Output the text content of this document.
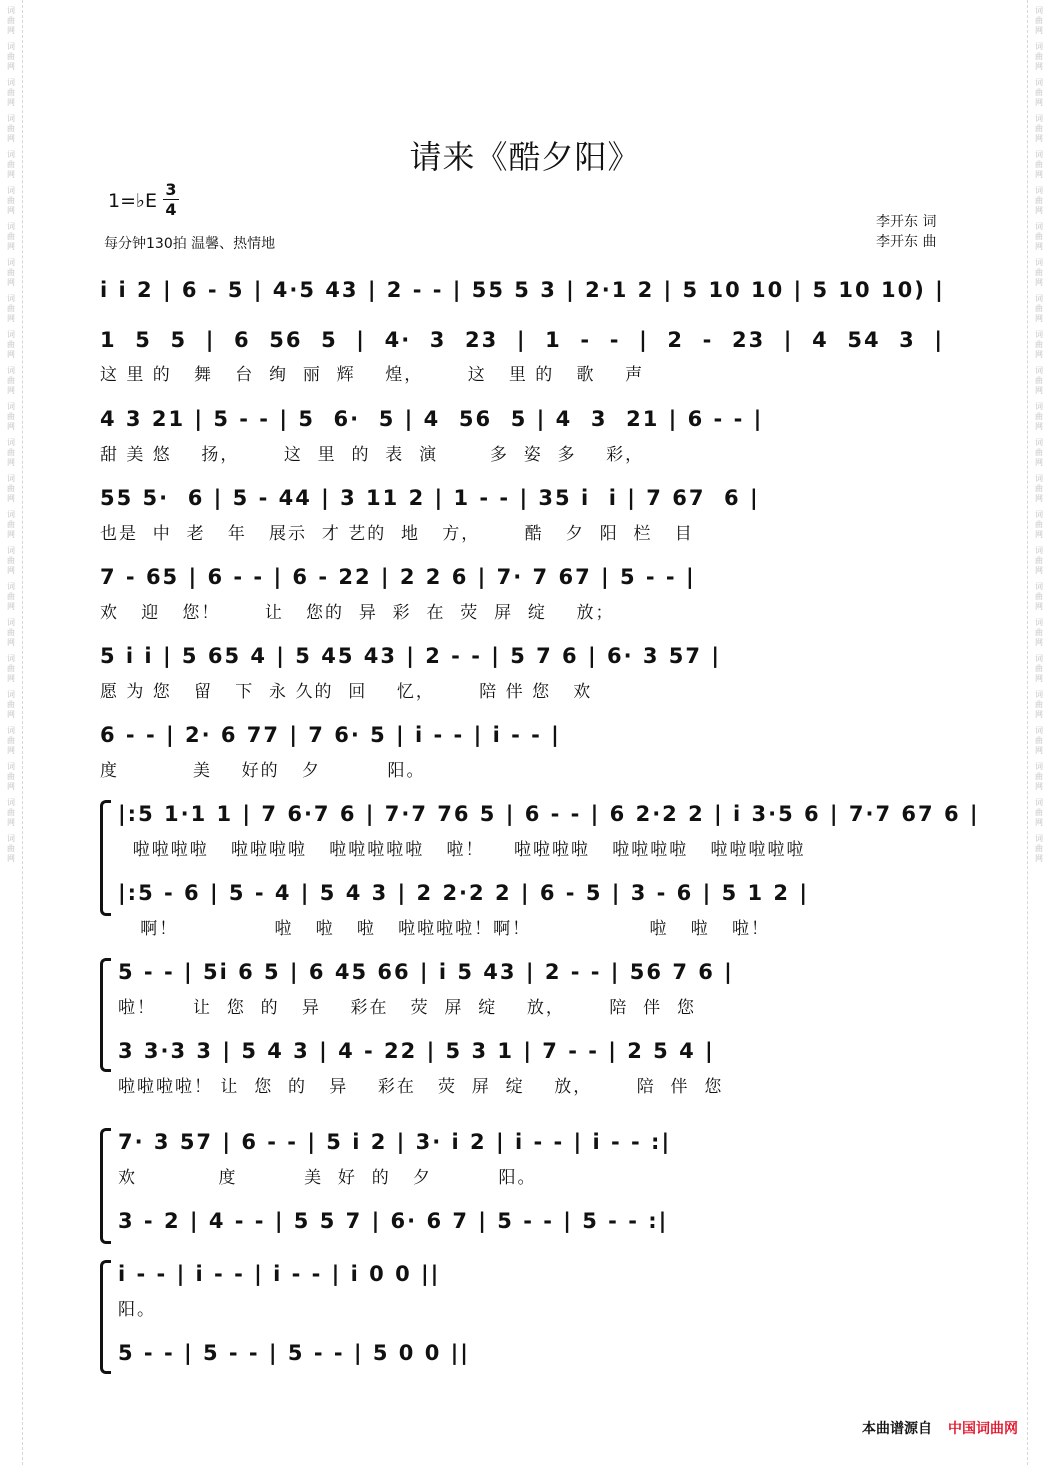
词
曲
网
词
曲
网
词
曲
网
词
曲
网
词
曲
网
词
曲
网
词
曲
网
词
曲
网
词
曲
网
词
曲
网
词
曲
网
词
曲
网
词
曲
网
词
曲
网
词
曲
网
词
曲
网
词
曲
网
词
曲
网
词
曲
网
词
曲
网
词
曲
网
词
曲
网
词
曲
网
词
曲
网
词
曲
网
词
曲
网
词
曲
网
词
曲
网
词
曲
网
词
曲
网
词
曲
网
词
曲
网
词
曲
网
词
曲
网
词
曲
网
词
曲
网
词
曲
网
词
曲
网
词
曲
网
词
曲
网
词
曲
网
词
曲
网
词
曲
网
词
曲
网
词
曲
网
词
曲
网
词
曲
网
词
曲
网
请来《酷夕阳》
1=♭E
3
4
每分钟130拍 温馨、热情地
李开东 词
李开东 曲
i i 2 | 6 - 5 | 4·5 43 | 2 - - | 55 5 3 | 2·1 2 | 5 10 10 | 5 10 10) |
1  5  5  |  6  56  5  |  4·  3  23  |  1  -  -  |  2  -  23  |  4  54  3  |
这 里 的   舞   台  绚  丽  辉    煌，      这   里 的   歌    声
4 3 21 | 5 - - | 5  6·  5 | 4  56  5 | 4  3  21 | 6 - - |
甜 美 悠    扬，      这  里  的  表  演       多  姿  多    彩，
55 5·  6 | 5 - 44 | 3 11 2 | 1 - - | 35 i  i | 7 67  6 |
也是  中  老   年   展示  才 艺的  地   方，      酷   夕  阳  栏   目
7 - 65 | 6 - - | 6 - 22 | 2 2 6 | 7· 7 67 | 5 - - |
欢   迎   您！      让   您的  异  彩  在  荧  屏  绽    放；
5 i i | 5 65 4 | 5 45 43 | 2 - - | 5 7 6 | 6· 3 57 |
愿 为 您   留   下  永 久的  回    忆，      陪 伴 您   欢
6 - - | 2· 6 77 | 7 6· 5 | i - - | i - - |
度          美    好的   夕         阳。
|:5 1·1 1 | 7 6·7 6 | 7·7 76 5 | 6 - - | 6 2·2 2 | i 3·5 6 | 7·7 67 6 |
啦啦啦啦   啦啦啦啦   啦啦啦啦啦   啦！    啦啦啦啦   啦啦啦啦   啦啦啦啦啦
|:5 - 6 | 5 - 4 | 5 4 3 | 2 2·2 2 | 6 - 5 | 3 - 6 | 5 1 2 |
啊！             啦   啦   啦   啦啦啦啦！啊！                啦   啦   啦！
5 - - | 5i 6 5 | 6 45 66 | i 5 43 | 2 - - | 56 7 6 |
啦！     让  您  的   异    彩在   荧  屏  绽    放，      陪  伴  您
3 3·3 3 | 5 4 3 | 4 - 22 | 5 3 1 | 7 - - | 2 5 4 |
啦啦啦啦！ 让  您  的   异    彩在   荧  屏  绽    放，      陪  伴  您
7· 3 57 | 6 - - | 5 i 2 | 3· i 2 | i - - | i - - :|
欢           度         美  好  的   夕         阳。
3 - 2 | 4 - - | 5 5 7 | 6· 6 7 | 5 - - | 5 - - :|
i - - | i - - | i - - | i 0 0 ||
阳。
5 - - | 5 - - | 5 - - | 5 0 0 ||
本曲谱源自 中国词曲网
